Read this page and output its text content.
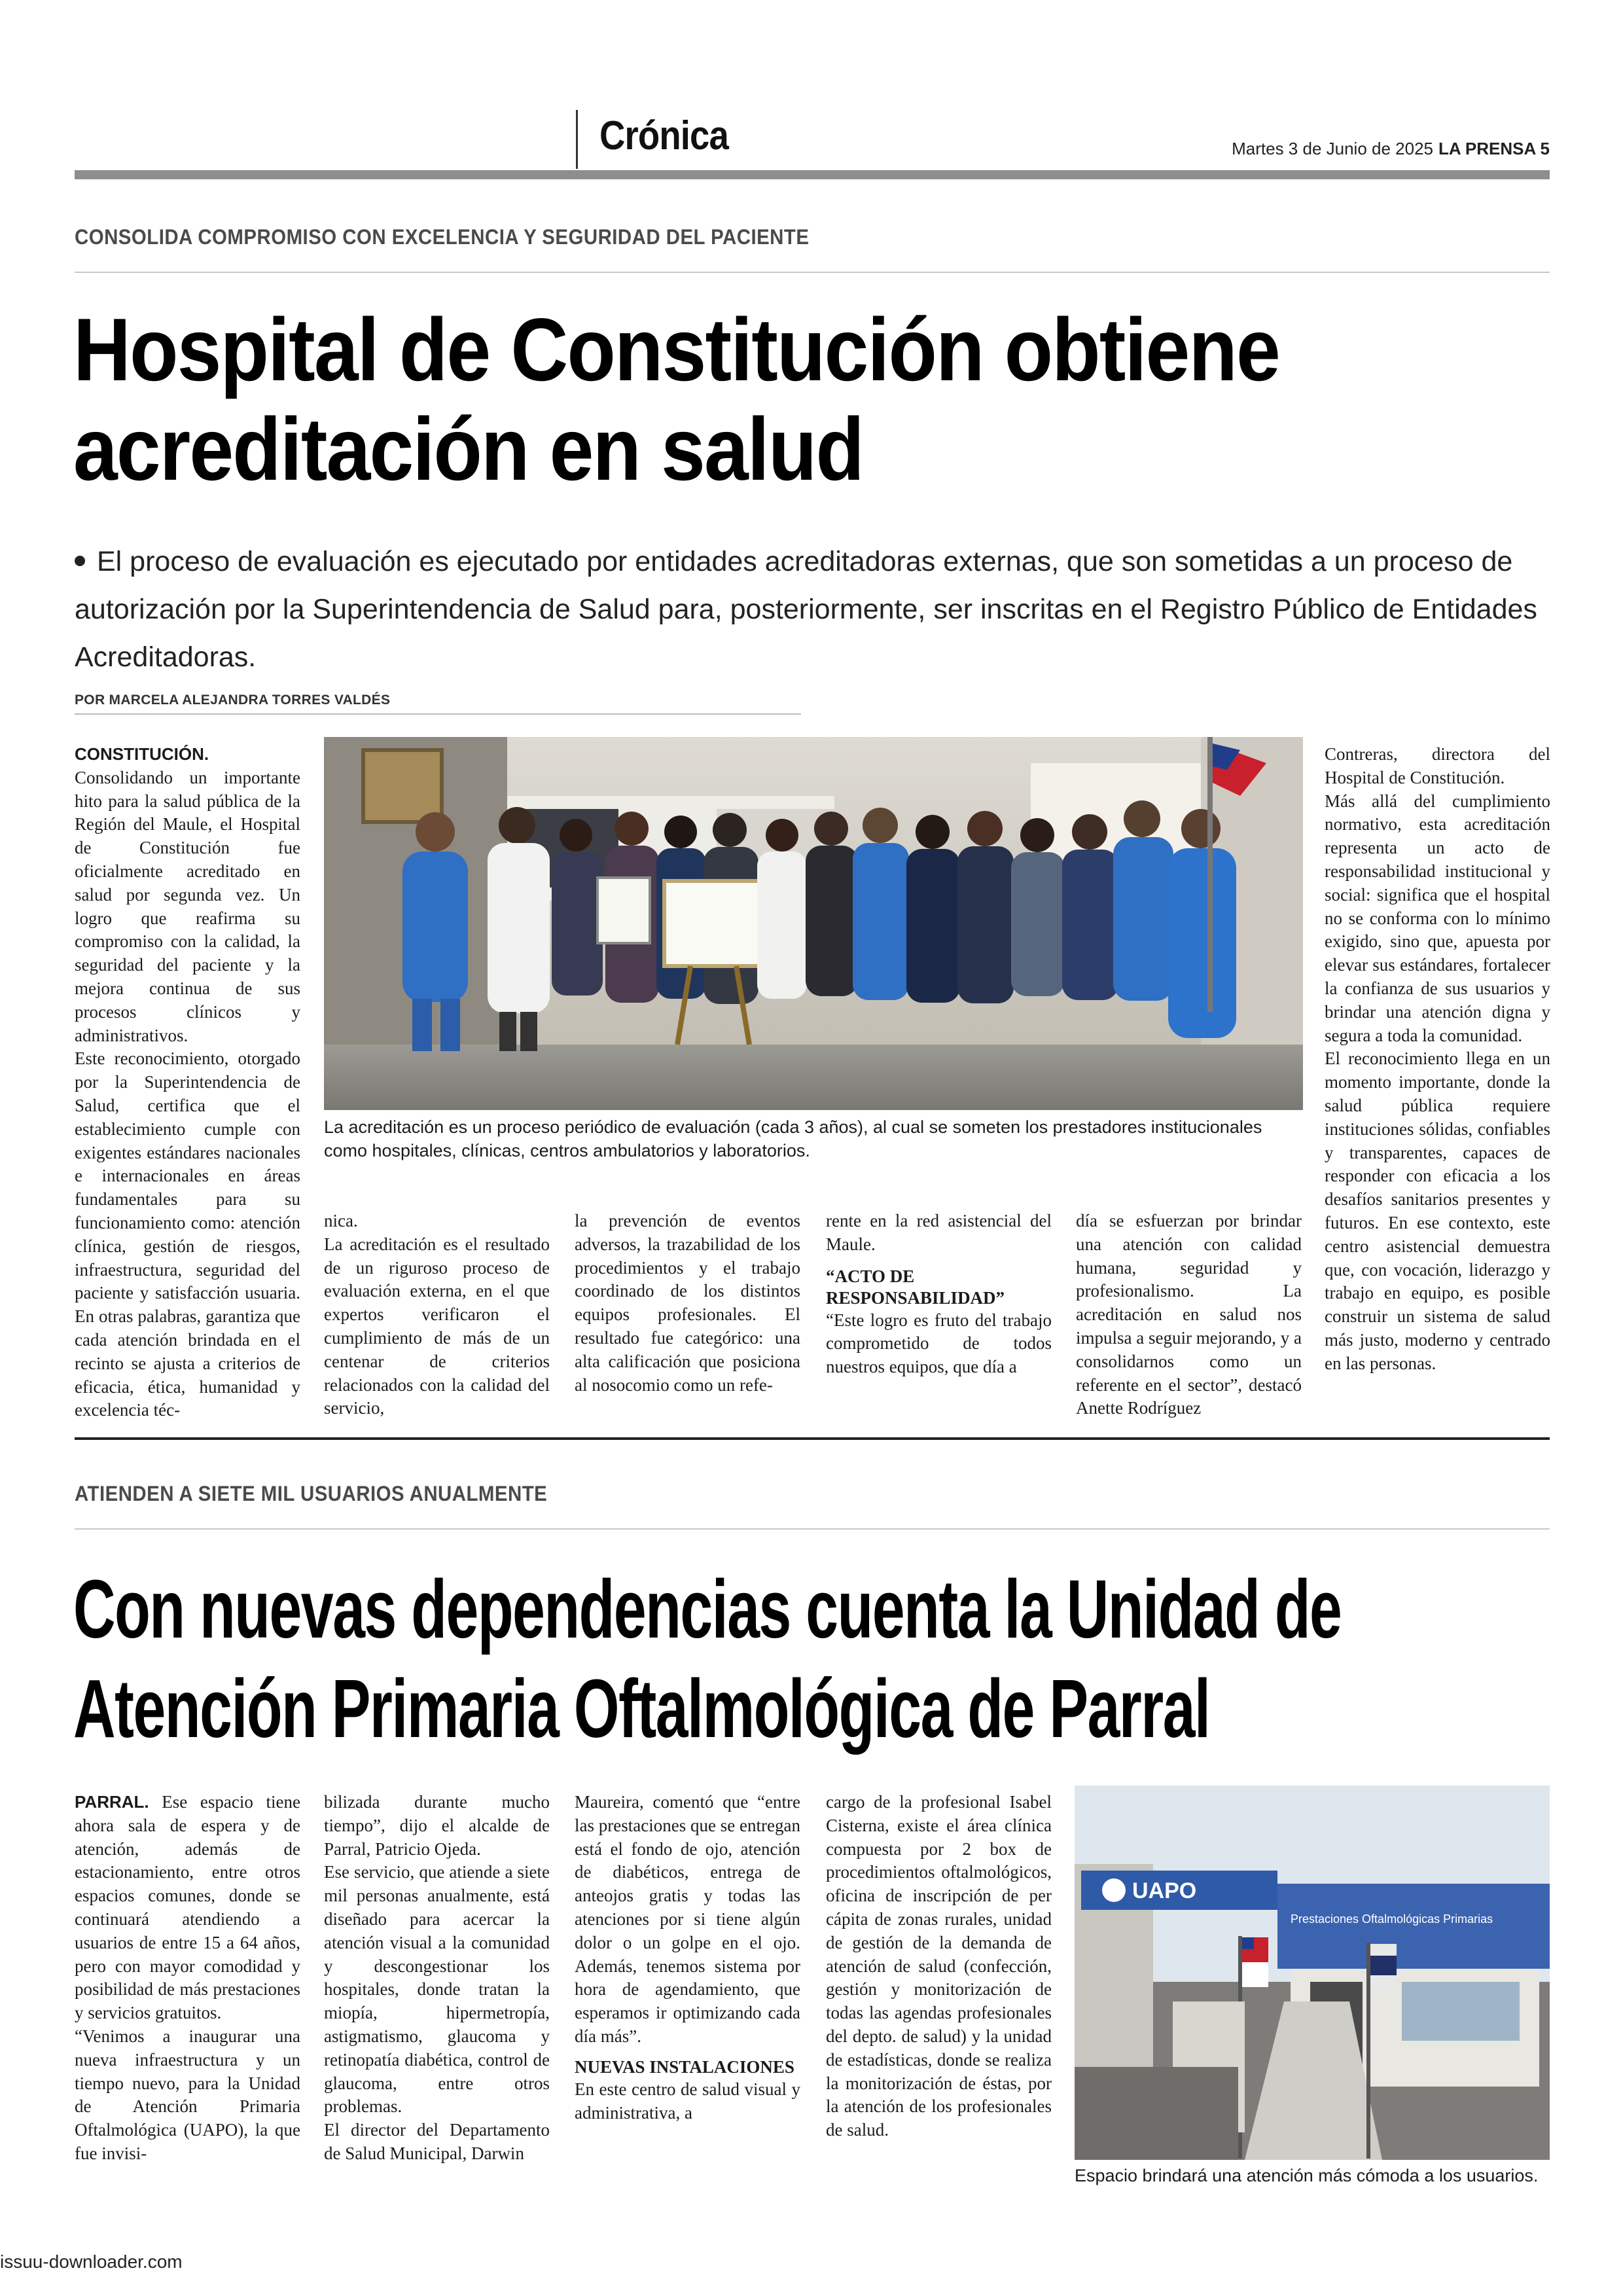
Crónica	Martes 3 de Junio de 2025 LA PRENSA 5
CONSOLIDA COMPROMISO CON EXCELENCIA Y SEGURIDAD DEL PACIENTE
Hospital de Constitución obtiene
acreditación en salud
El proceso de evaluación es ejecutado por entidades acreditadoras externas, que son sometidas a un proceso de autorización por la Superintendencia de Salud para, posteriormente, ser inscritas en el Registro Público de Entidades Acreditadoras.
POR MARCELA ALEJANDRA TORRES VALDÉS

CONSTITUCIÓN. Consolidando un importante hito para la salud pública de la Región del Maule, el Hospital de Constitución fue oficialmente acreditado en salud por segunda vez. Un logro que reafirma su compromiso con la calidad, la seguridad del paciente y la mejora continua de sus procesos clínicos y administrativos.

Este reconocimiento, otorgado por la Superintendencia de Salud, certifica que el establecimiento cumple con exigentes estándares nacionales e internacionales en áreas fundamentales para su funcionamiento como: atención clínica, gestión de riesgos, infraestructura, seguridad del paciente y satisfacción usuaria. En otras palabras, garantiza que cada atención brindada en el recinto se ajusta a criterios de eficacia, ética, humanidad y excelencia téc-

La acreditación es un proceso periódico de evaluación (cada 3 años), al cual se someten los prestadores institucionales como hospitales, clínicas, centros ambulatorios y laboratorios.

nica.

La acreditación es el resultado de un riguroso proceso de evaluación externa, en el que expertos verificaron el cumplimiento de más de un centenar de criterios relacionados con la calidad del servicio,

la prevención de eventos adversos, la trazabilidad de los procedimientos y el trabajo coordinado de los distintos equipos profesionales. El resultado fue categórico: una alta calificación que posiciona al nosocomio como un refe-

rente en la red asistencial del Maule.

“ACTO DE RESPONSABILIDAD”

“Este logro es fruto del trabajo comprometido de todos nuestros equipos, que día a

día se esfuerzan por brindar una atención con calidad humana, seguridad y profesionalismo. La acreditación en salud nos impulsa a seguir mejorando, y a consolidarnos como un referente en el sector”, destacó Anette Rodríguez

Contreras, directora del Hospital de Constitución.

Más allá del cumplimiento normativo, esta acreditación representa un acto de responsabilidad institucional y social: significa que el hospital no se conforma con lo mínimo exigido, sino que, apuesta por elevar sus estándares, fortalecer la confianza de sus usuarios y brindar una atención digna y segura a toda la comunidad.

El reconocimiento llega en un momento importante, donde la salud pública requiere instituciones sólidas, confiables y transparentes, capaces de responder con eficacia a los desafíos sanitarios presentes y futuros. En ese contexto, este centro asistencial demuestra que, con vocación, liderazgo y trabajo en equipo, es posible construir un sistema de salud más justo, moderno y centrado en las personas.

ATIENDEN A SIETE MIL USUARIOS ANUALMENTE
Con nuevas dependencias cuenta la Unidad de
Atención Primaria Oftalmológica de Parral

PARRAL. Ese espacio tiene ahora sala de espera y de atención, además de estacionamiento, entre otros espacios comunes, donde se continuará atendiendo a usuarios de entre 15 a 64 años, pero con mayor comodidad y posibilidad de más prestaciones y servicios gratuitos.

“Venimos a inaugurar una nueva infraestructura y un tiempo nuevo, para la Unidad de Atención Primaria Oftalmológica (UAPO), la que fue invisi-

bilizada durante mucho tiempo”, dijo el alcalde de Parral, Patricio Ojeda.

Ese servicio, que atiende a siete mil personas anualmente, está diseñado para acercar la atención visual a la comunidad y descongestionar los hospitales, donde tratan la miopía, hipermetropía, astigmatismo, glaucoma y retinopatía diabética, control de glaucoma, entre otros problemas.

El director del Departamento de Salud Municipal, Darwin

Maureira, comentó que “entre las prestaciones que se entregan está el fondo de ojo, atención de diabéticos, entrega de anteojos gratis y todas las atenciones por si tiene algún dolor o un golpe en el ojo. Además, tenemos sistema por hora de agendamiento, que esperamos ir optimizando cada día más”.

NUEVAS INSTALACIONES

En este centro de salud visual y administrativa, a

cargo de la profesional Isabel Cisterna, existe el área clínica compuesta por 2 box de procedimientos oftalmológicos, oficina de inscripción de per cápita de zonas rurales, unidad de gestión de la demanda de atención de salud (confección, gestión y monitorización de todas las agendas profesionales del depto. de salud) y la unidad de estadísticas, donde se realiza la monitorización de éstas, por la atención de los profesionales de salud.

UAPO
Prestaciones Oftalmológicas Primarias
Espacio brindará una atención más cómoda a los usuarios.
issuu-downloader.com
